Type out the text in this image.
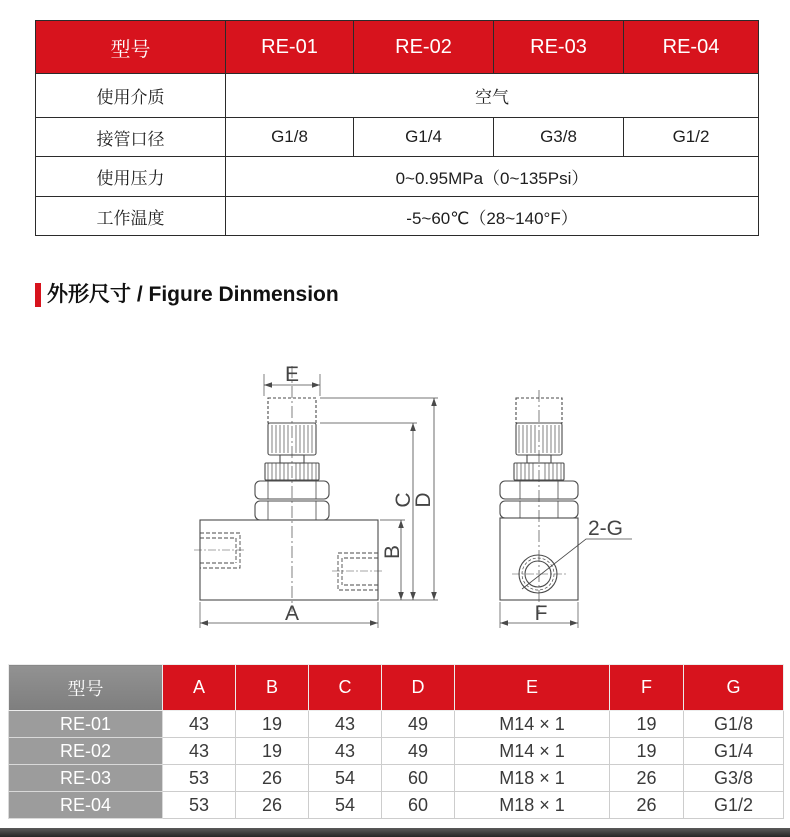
型号	RE-01	RE-02	RE-03	RE-04
使用介质	空气			
接管口径	G1/8	G1/4	G3/8	G1/2
使用压力	0~0.95MPa（0~135Psi）			
工作温度	-5~60℃（28~140°F）			
外形尺寸 / Figure Dinmension
E
D
C
B
A	F
2-G
型号	A	B	C	D	E	F	G
RE-01	43	19	43	49	M14 × 1	19	G1/8
RE-02	43	19	43	49	M14 × 1	19	G1/4
RE-03	53	26	54	60	M18 × 1	26	G3/8
RE-04	53	26	54	60	M18 × 1	26	G1/2
